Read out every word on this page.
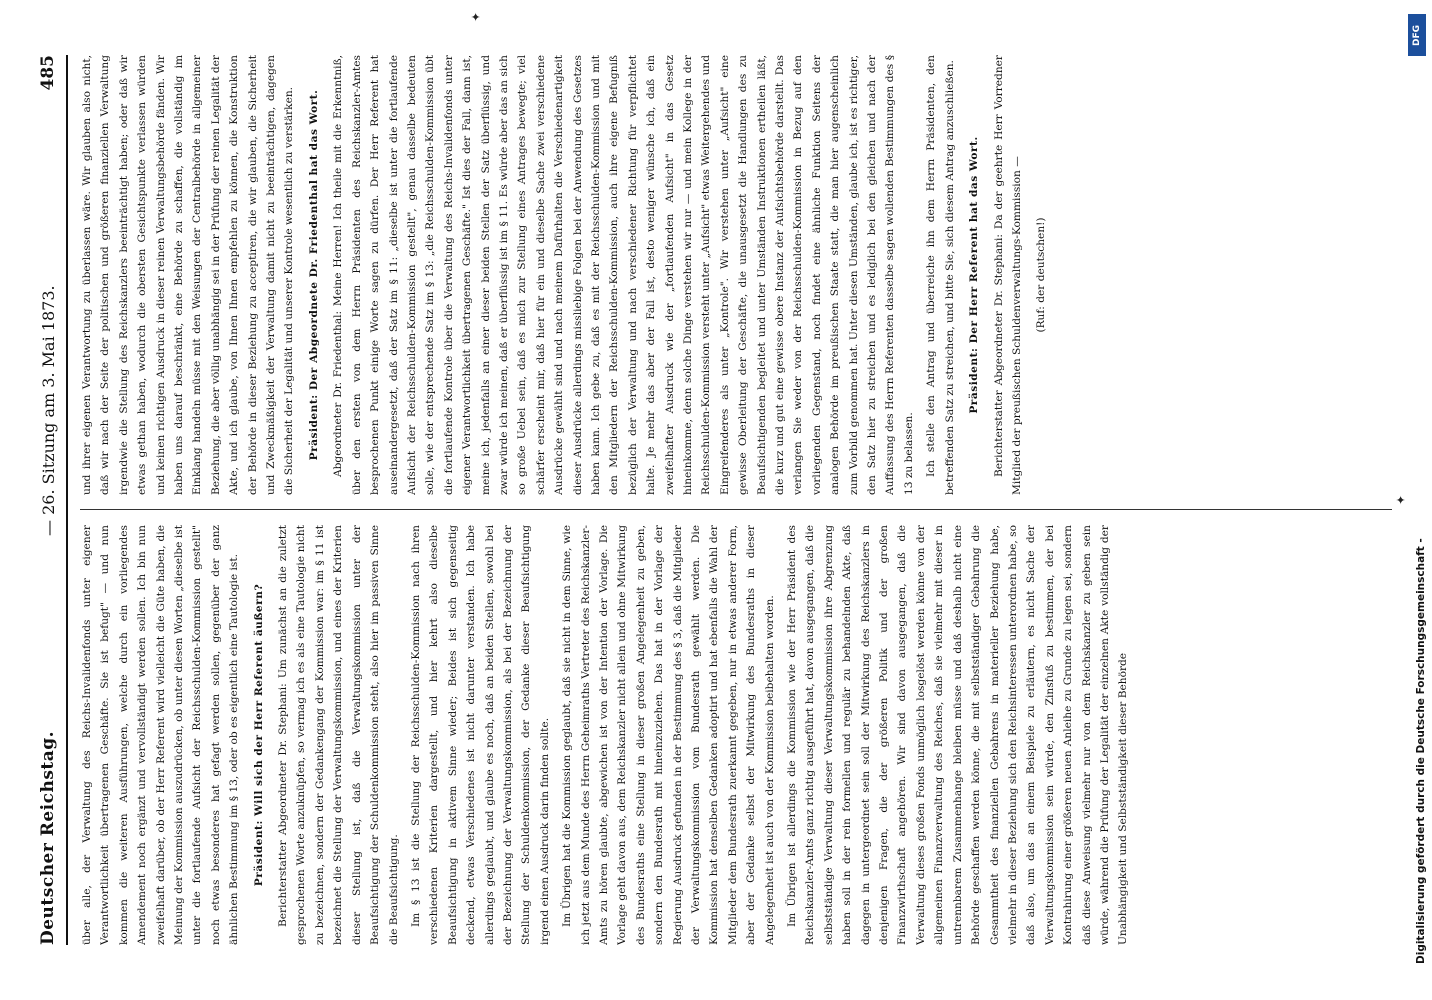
Deutscher Reichstag.
— 26. Sitzung am 3. Mai 1873.
485

über alle, der Verwaltung des Reichs-Invalidenfonds unter eigener Verantwortlichkeit übertragenen Geschäfte. Sie ist befugt" — und nun kommen die weiteren Ausführungen, welche durch ein vorliegendes Amendement noch ergänzt und vervollständigt werden sollen. Ich bin nun zweifelhaft darüber, ob der Herr Referent wird vielleicht die Güte haben, die Meinung der Kommission auszudrücken, ob unter diesen Worten „dieselbe ist unter die fortlaufende Aufsicht der Reichsschulden-Kommission gestellt" noch etwas besonderes hat gefagt werden sollen, gegenüber der ganz ähnlichen Bestimmung im § 13, oder ob es eigentlich eine Tautologie ist.	Präsident: Will sich der Herr Referent äußern?	Berichterstatter Abgeordneter Dr. Stephani: Um zunächst an die zuletzt gesprochenen Worte anzuknüpfen, so vermag ich es als eine Tautologie nicht zu bezeichnen, sondern der Gedankengang der Kommission war: im § 11 ist bezeichnet die Stellung der Verwaltungskommission, und eines der Kriterien dieser Stellung ist, daß die Verwaltungskommission unter der Beaufsichtigung der Schuldenkommission steht, also hier im passiven Sinne die Beaufsichtigung. Im § 13 ist die Stellung der Reichsschulden-Kommission nach ihren verschiedenen Kriterien dargestellt, und hier kehrt also dieselbe Beaufsichtigung in aktivem Sinne wieder; Beides ist sich gegenseitig deckend, etwas Verschiedenes ist nicht darunter verstanden. Ich habe allerdings geglaubt, und glaube es noch, daß an beiden Stellen, sowohl bei der Bezeichnung der Verwaltungskommission, als bei der Bezeichnung der Stellung der Schuldenkommission, der Gedanke dieser Beaufsichtigung irgend einen Ausdruck darin finden sollte. Im Übrigen hat die Kommission geglaubt, daß sie nicht in dem Sinne, wie ich jetzt aus dem Munde des Herrn Geheimraths Vertreter des Reichskanzler-Amts zu hören glaubte, abgewichen ist von der Intention der Vorlage. Die Vorlage geht davon aus, dem Reichskanzler nicht allein und ohne Mitwirkung des Bundesraths eine Stellung in dieser großen Angelegenheit zu geben, sondern den Bundesrath mit hineinzuziehen. Das hat in der Vorlage der Regierung Ausdruck gefunden in der Bestimmung des § 3, daß die Mitglieder der Verwaltungskommission vom Bundesrath gewählt werden. Die Kommission hat denselben Gedanken adoptirt und hat ebenfalls die Wahl der Mitglieder dem Bundesrath zuerkannt gegeben, nur in etwas anderer Form, aber der Gedanke selbst der Mitwirkung des Bundesraths in dieser Angelegenheit ist auch von der Kommission beibehalten worden. Im Übrigen ist allerdings die Kommission wie der Herr Präsident des Reichskanzler-Amts ganz richtig ausgeführt hat, davon ausgegangen, daß die selbstständige Verwaltung dieser Verwaltungskommission ihre Abgrenzung haben soll in der rein formellen und regulär zu behandelnden Akte, daß dagegen in untergeordnet sein soll der Mitwirkung des Reichskanzlers in denjenigen Fragen, die der größeren Politik und der großen Finanzwirthschaft angehören. Wir sind davon ausgegangen, daß die Verwaltung dieses großen Fonds unmöglich losgelöst werden könne von der allgemeinen Finanzverwaltung des Reiches, daß sie vielmehr mit dieser in untrennbarem Zusammenhange bleiben müsse und daß deshalb nicht eine Behörde geschaffen werden könne, die mit selbstständiger Gebahrung die Gesammtheit des finanziellen Gebahrens in materieller Beziehung habe, vielmehr in dieser Beziehung sich den Reichsinteressen unterordnen habe, so daß also, um das an einem Beispiele zu erläutern, es nicht Sache der Verwaltungskommission sein würde, den Zinsfuß zu bestimmen, der bei Kontrahirung einer größeren neuen Anleihe zu Grunde zu legen sei, sondern daß diese Anweisung vielmehr nur von dem Reichskanzler zu geben sein würde, während die Prüfung der Legalität der einzelnen Akte vollständig der Unabhängigkeit und Selbstständigkeit dieser Behörde

und ihrer eigenen Verantwortung zu überlassen wäre. Wir glauben also nicht, daß wir nach der Seite der politischen und größeren finanziellen Verwaltung irgendwie die Stellung des Reichskanzlers beeinträchtigt haben; oder daß wir etwas gethan haben, wodurch die obersten Gesichtspunkte verlassen würden und keinen richtigen Ausdruck in dieser reinen Verwaltungsbehörde fänden. Wir haben uns darauf beschränkt, eine Behörde zu schaffen, die vollständig im Einklang handeln müsse mit den Weisungen der Centralbehörde in allgemeiner Beziehung, die aber völlig unabhängig sei in der Prüfung der reinen Legalität der Akte, und ich glaube, von Ihnen Ihnen empfehlen zu können, die Konstruktion der Behörde in dieser Beziehung zu acceptiren, die wir glauben, die Sicherheit und Zweckmäßigkeit der Verwaltung damit nicht zu beeinträchtigen, dagegen die Sicherheit der Legalität und unserer Kontrole wesentlich zu verstärken.	Präsident: Der Abgeordnete Dr. Friedenthal hat das Wort.	Abgeordneter Dr. Friedenthal: Meine Herren! Ich theile mit die Erkenntniß, über den ersten von dem Herrn Präsidenten des Reichskanzler-Amtes besprochenen Punkt einige Worte sagen zu dürfen. Der Herr Referent hat auseinandergesetzt, daß der Satz im § 11: „dieselbe ist unter die fortlaufende Aufsicht der Reichsschulden-Kommission gestellt", genau dasselbe bedeuten solle, wie der entsprechende Satz im § 13: „die Reichsschulden-Kommission übt die fortlaufende Kontrole über die Verwaltung des Reichs-Invalidenfonds unter eigener Verantwortlichkeit übertragenen Geschäfte." Ist dies der Fall, dann ist, meine ich, jedenfalls an einer dieser beiden Stellen der Satz überflüssig, und zwar würde ich meinen, daß er überflüssig ist im § 11. Es würde aber das an sich so große Uebel sein, daß es mich zur Stellung eines Antrages bewegte; viel schärfer erscheint mir, daß hier für ein und dieselbe Sache zwei verschiedene Ausdrücke gewählt sind und nach meinem Dafürhalten die Verschiedenartigkeit dieser Ausdrücke allerdings missliebige Folgen bei der Anwendung des Gesetzes haben kann. Ich gebe zu, daß es mit der Reichsschulden-Kommission und mit den Mitgliedern der Reichsschulden-Kommission, auch ihre eigene Befugniß bezüglich der Verwaltung und nach verschiedener Richtung für verpflichtet halte. Je mehr das aber der Fall ist, desto weniger wünsche ich, daß ein zweifelhafter Ausdruck wie der „fortlaufenden Aufsicht" in das Gesetz hineinkomme, denn solche Dinge verstehen wir nur — und mein Kollege in der Reichsschulden-Kommission versteht unter „Aufsicht" etwas Weitergehendes und Eingreifenderes als unter „Kontrole". Wir verstehen unter „Aufsicht" eine gewisse Oberleitung der Geschäfte, die unausgesetzt die Handlungen des zu Beaufsichtigenden begleitet und unter Umständen Instruktionen ertheilen läßt, die kurz und gut eine gewisse obere Instanz der Aufsichtsbehörde darstellt. Das verlangen Sie weder von der Reichsschulden-Kommission in Bezug auf den vorliegenden Gegenstand, noch findet eine ähnliche Funktion Seitens der analogen Behörde im preußischen Staate statt, die man hier augenscheinlich zum Vorbild genommen hat. Unter diesen Umständen, glaube ich, ist es richtiger, den Satz hier zu streichen und es lediglich bei den gleichen und nach der Auffassung des Herrn Referenten dasselbe sagen wollenden Bestimmungen des § 13 zu belassen. Ich stelle den Antrag und überreiche ihn dem Herrn Präsidenten, den betreffenden Satz zu streichen, und bitte Sie, sich diesem Antrag anzuschließen.	Präsident: Der Herr Referent hat das Wort.	Berichterstatter Abgeordneter Dr. Stephani: Da der geehrte Herr Vorredner Mitglied der preußischen Schuldenverwaltungs-Kommission —	(Ruf: der deutschen!)

✦
✦
DFG
Digitalisierung gefördert durch die Deutsche Forschungsgemeinschaft -
